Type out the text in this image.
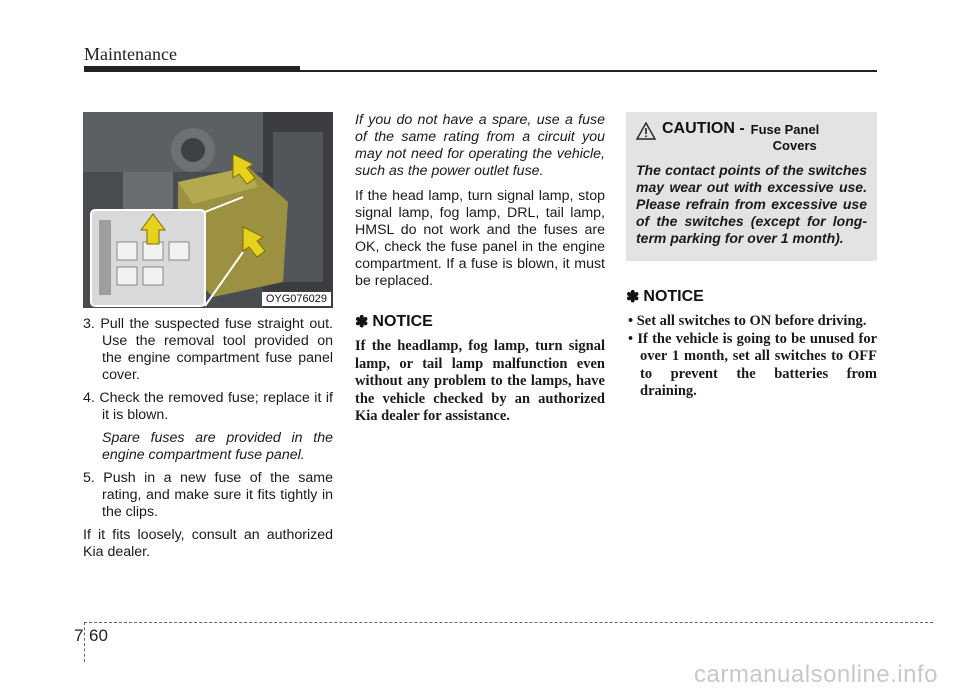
Maintenance
OYG076029

3. Pull the suspected fuse straight out. Use the removal tool provided on the engine compartment fuse panel cover.

4. Check the removed fuse; replace it if it is blown.

Spare fuses are provided in the engine compartment fuse panel.

5. Push in a new fuse of the same rating, and make sure it fits tightly in the clips.

If it fits loosely, consult an authorized Kia dealer.

If you do not have a spare, use a fuse of the same rating from a circuit you may not need for operating the vehicle, such as the power outlet fuse.

If the head lamp, turn signal lamp, stop signal lamp, fog lamp, DRL, tail lamp, HMSL do not work and the fuses are OK, check the fuse panel in the engine compartment. If a fuse is blown, it must be replaced.

✽ NOTICE

If the headlamp, fog lamp, turn signal lamp, or tail lamp malfunction even without any problem to the lamps, have the vehicle checked by an authorized Kia dealer for assistance.

CAUTION - Fuse Panel
Covers

The contact points of the switches may wear out with excessive use. Please refrain from excessive use of the switches (except for long-term parking for over 1 month).

✽ NOTICE
• Set all switches to ON before driving.
• If the vehicle is going to be unused for over 1 month, set all switches to OFF to prevent the batteries from draining.
7 60
carmanualsonline.info
